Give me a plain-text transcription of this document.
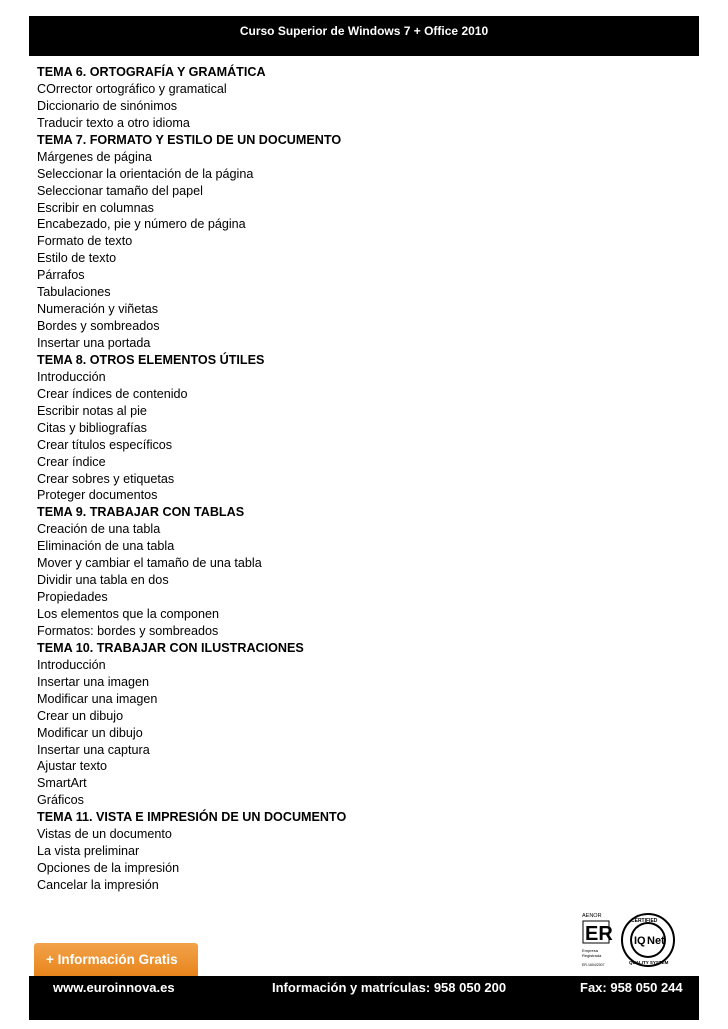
Curso Superior de Windows 7 + Office 2010
TEMA 6. ORTOGRAFÍA Y GRAMÁTICA
COrrector ortográfico y gramatical
Diccionario de sinónimos
Traducir texto a otro idioma
TEMA 7. FORMATO Y ESTILO DE UN DOCUMENTO
Márgenes de página
Seleccionar la orientación de la página
Seleccionar tamaño del papel
Escribir en columnas
Encabezado, pie y número de página
Formato de texto
Estilo de texto
Párrafos
Tabulaciones
Numeración y viñetas
Bordes y sombreados
Insertar una portada
TEMA 8. OTROS ELEMENTOS ÚTILES
Introducción
Crear índices de contenido
Escribir notas al pie
Citas y bibliografías
Crear títulos específicos
Crear índice
Crear sobres y etiquetas
Proteger documentos
TEMA 9. TRABAJAR CON TABLAS
Creación de una tabla
Eliminación de una tabla
Mover y cambiar el tamaño de una tabla
Dividir una tabla en dos
Propiedades
Los elementos que la componen
Formatos: bordes y sombreados
TEMA 10. TRABAJAR CON ILUSTRACIONES
Introducción
Insertar una imagen
Modificar una imagen
Crear un dibujo
Modificar un dibujo
Insertar una captura
Ajustar texto
SmartArt
Gráficos
TEMA 11. VISTA E IMPRESIÓN DE UN DOCUMENTO
Vistas de un documento
La vista preliminar
Opciones de la impresión
Cancelar la impresión
AENOR
ER
Empresa
Registrada
ER-1604/2007
IQ Net
CERTIFIED
QUALITY SYSTEM
+ Información Gratis
www.euroinnova.es	Información y matrículas: 958 050 200	Fax: 958 050 244
